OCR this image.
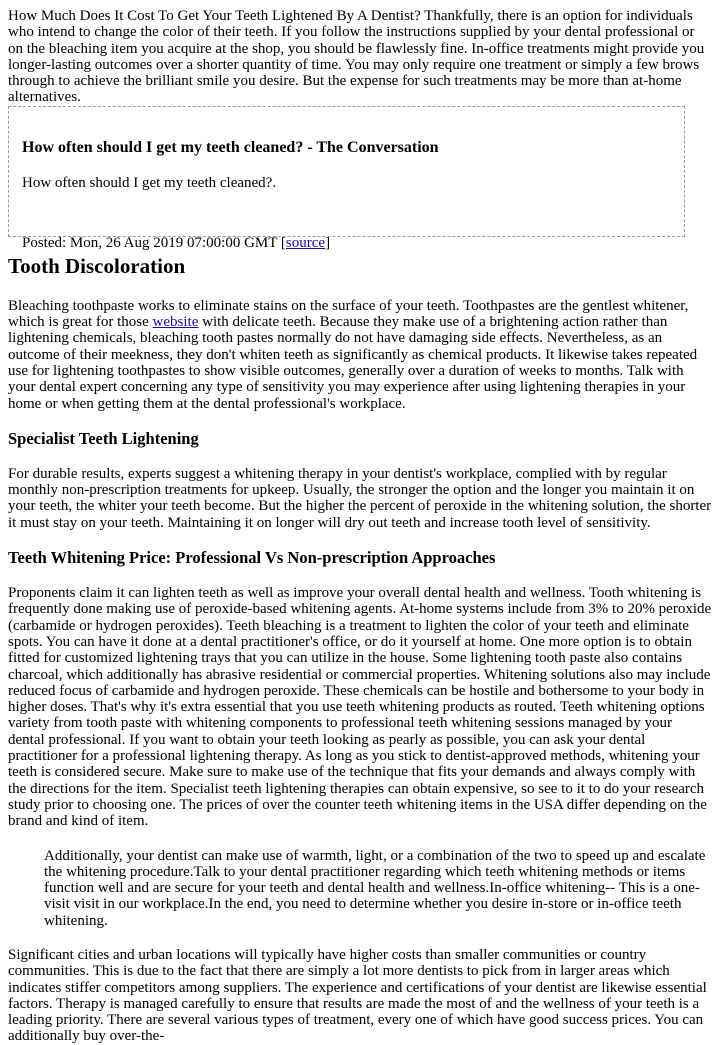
How Much Does It Cost To Get Your Teeth Lightened By A Dentist? Thankfully, there is an option for individuals who intend to change the color of their teeth. If you follow the instructions supplied by your dental professional or on the bleaching item you acquire at the shop, you should be flawlessly fine. In-office treatments might provide you longer-lasting outcomes over a shorter quantity of time. You may only require one treatment or simply a few brows through to achieve the brilliant smile you desire. But the expense for such treatments may be more than at-home alternatives.

How often should I get my teeth cleaned? - The Conversation

How often should I get my teeth cleaned?.

Posted: Mon, 26 Aug 2019 07:00:00 GMT [source]

Tooth Discoloration

Bleaching toothpaste works to eliminate stains on the surface of your teeth. Toothpastes are the gentlest whitener, which is great for those website with delicate teeth. Because they make use of a brightening action rather than lightening chemicals, bleaching tooth pastes normally do not have damaging side effects. Nevertheless, as an outcome of their meekness, they don't whiten teeth as significantly as chemical products. It likewise takes repeated use for lightening toothpastes to show visible outcomes, generally over a duration of weeks to months. Talk with your dental expert concerning any type of sensitivity you may experience after using lightening therapies in your home or when getting them at the dental professional's workplace.

Specialist Teeth Lightening

For durable results, experts suggest a whitening therapy in your dentist's workplace, complied with by regular monthly non-prescription treatments for upkeep. Usually, the stronger the option and the longer you maintain it on your teeth, the whiter your teeth become. But the higher the percent of peroxide in the whitening solution, the shorter it must stay on your teeth. Maintaining it on longer will dry out teeth and increase tooth level of sensitivity.

Teeth Whitening Price: Professional Vs Non-prescription Approaches

Proponents claim it can lighten teeth as well as improve your overall dental health and wellness. Tooth whitening is frequently done making use of peroxide-based whitening agents. At-home systems include from 3% to 20% peroxide (carbamide or hydrogen peroxides). Teeth bleaching is a treatment to lighten the color of your teeth and eliminate spots. You can have it done at a dental practitioner's office, or do it yourself at home. One more option is to obtain fitted for customized lightening trays that you can utilize in the house. Some lightening tooth paste also contains charcoal, which additionally has abrasive residential or commercial properties. Whitening solutions also may include reduced focus of carbamide and hydrogen peroxide. These chemicals can be hostile and bothersome to your body in higher doses. That's why it's extra essential that you use teeth whitening products as routed. Teeth whitening options variety from tooth paste with whitening components to professional teeth whitening sessions managed by your dental professional. If you want to obtain your teeth looking as pearly as possible, you can ask your dental practitioner for a professional lightening therapy. As long as you stick to dentist-approved methods, whitening your teeth is considered secure. Make sure to make use of the technique that fits your demands and always comply with the directions for the item. Specialist teeth lightening therapies can obtain expensive, so see to it to do your research study prior to choosing one. The prices of over the counter teeth whitening items in the USA differ depending on the brand and kind of item.

Additionally, your dentist can make use of warmth, light, or a combination of the two to speed up and escalate the whitening procedure.Talk to your dental practitioner regarding which teeth whitening methods or items function well and are secure for your teeth and dental health and wellness.In-office whitening-- This is a one-visit visit in our workplace.In the end, you need to determine whether you desire in-store or in-office teeth whitening.

Significant cities and urban locations will typically have higher costs than smaller communities or country communities. This is due to the fact that there are simply a lot more dentists to pick from in larger areas which indicates stiffer competitors among suppliers. The experience and certifications of your dentist are likewise essential factors. Therapy is managed carefully to ensure that results are made the most of and the wellness of your teeth is a leading priority. There are several various types of treatment, every one of which have good success prices. You can additionally buy over-the-
